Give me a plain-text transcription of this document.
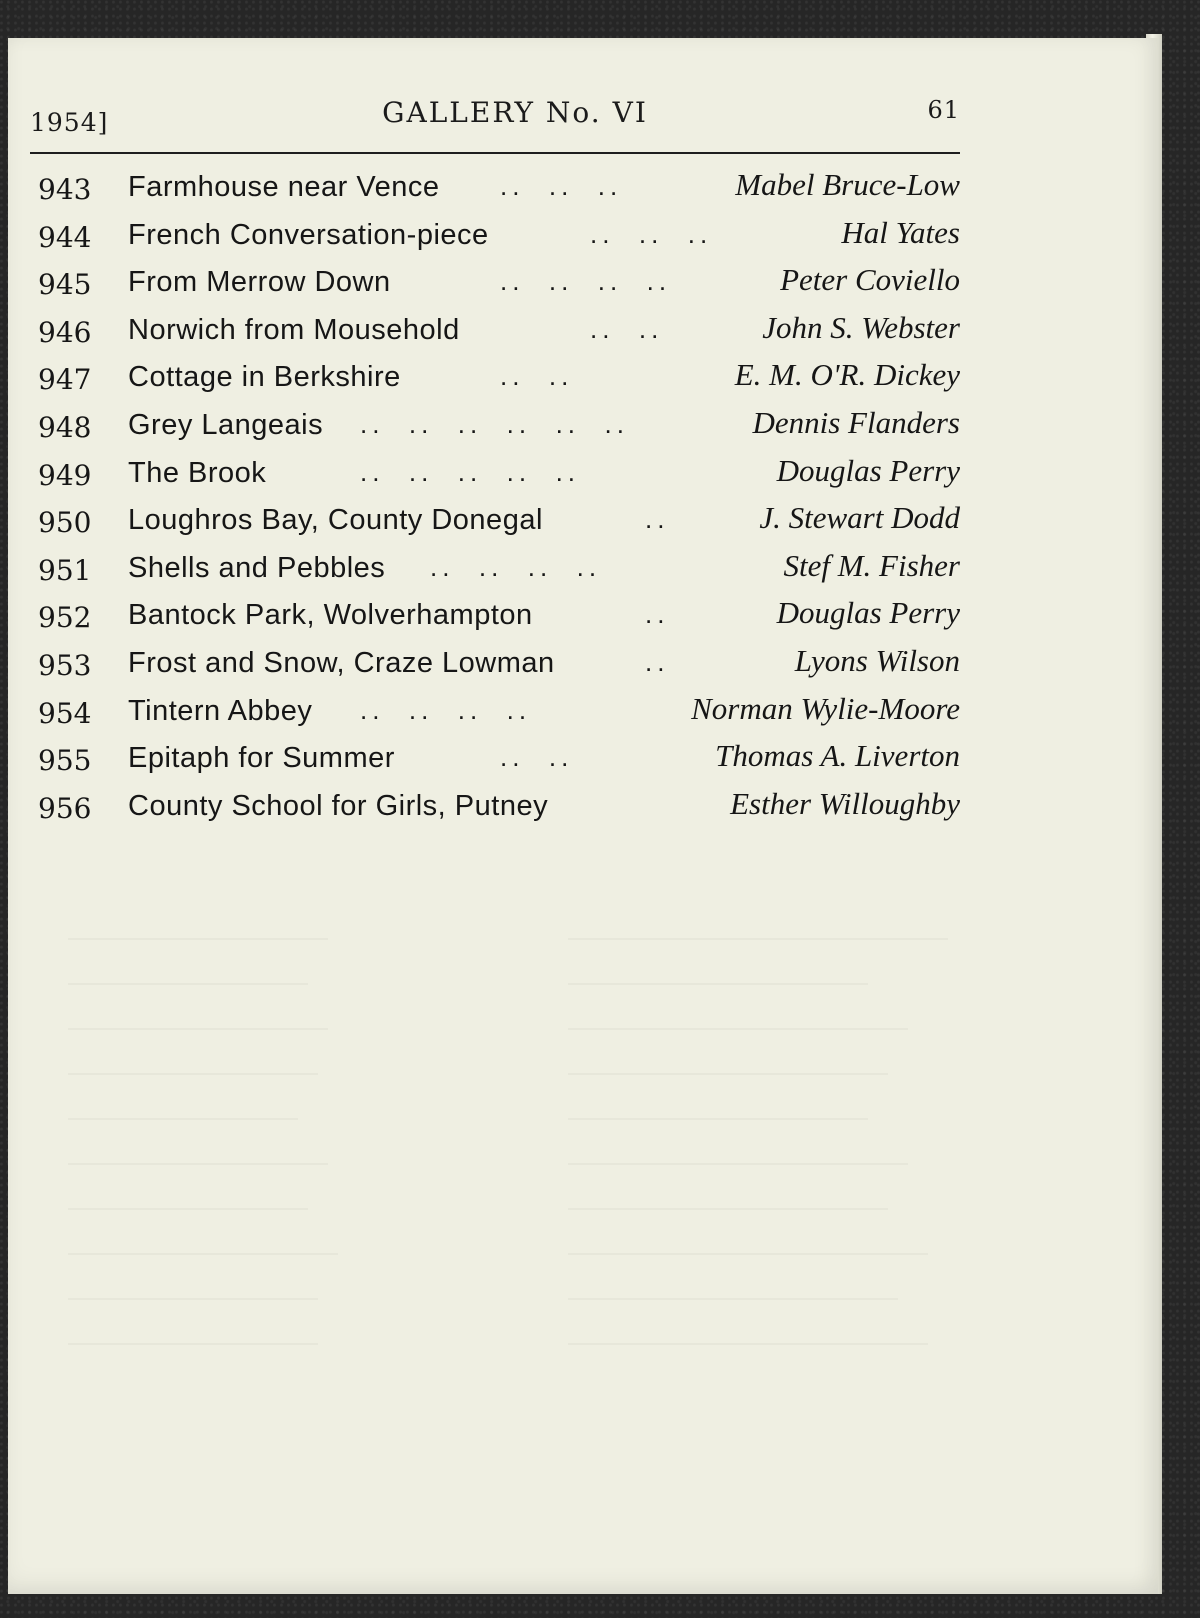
1954]	GALLERY No. VI	61
943 Farmhouse near Vence ..  ..  ..	Mabel Bruce-Low
944 French Conversation-piece	..  ..  ..	Hal Yates
945 From Merrow Down	..  ..  ..  ..	Peter Coviello
946 Norwich from Mousehold	..  ..	John S. Webster
947 Cottage in Berkshire	..  ..	E. M. O'R. Dickey
948 Grey Langeais ..  ..  ..  ..  ..  ..	Dennis Flanders
949 The Brook	..  ..  ..  ..  ..	Douglas Perry
950 Loughros Bay, County Donegal	..	J. Stewart Dodd
951 Shells and Pebbles ..  ..  ..  ..	Stef M. Fisher
952 Bantock Park, Wolverhampton	..	Douglas Perry
953 Frost and Snow, Craze Lowman	..	Lyons Wilson
954 Tintern Abbey ..  ..  ..  ..	Norman Wylie-Moore
955 Epitaph for Summer	..  ..	Thomas A. Liverton
956 County School for Girls, Putney	Esther Willoughby
